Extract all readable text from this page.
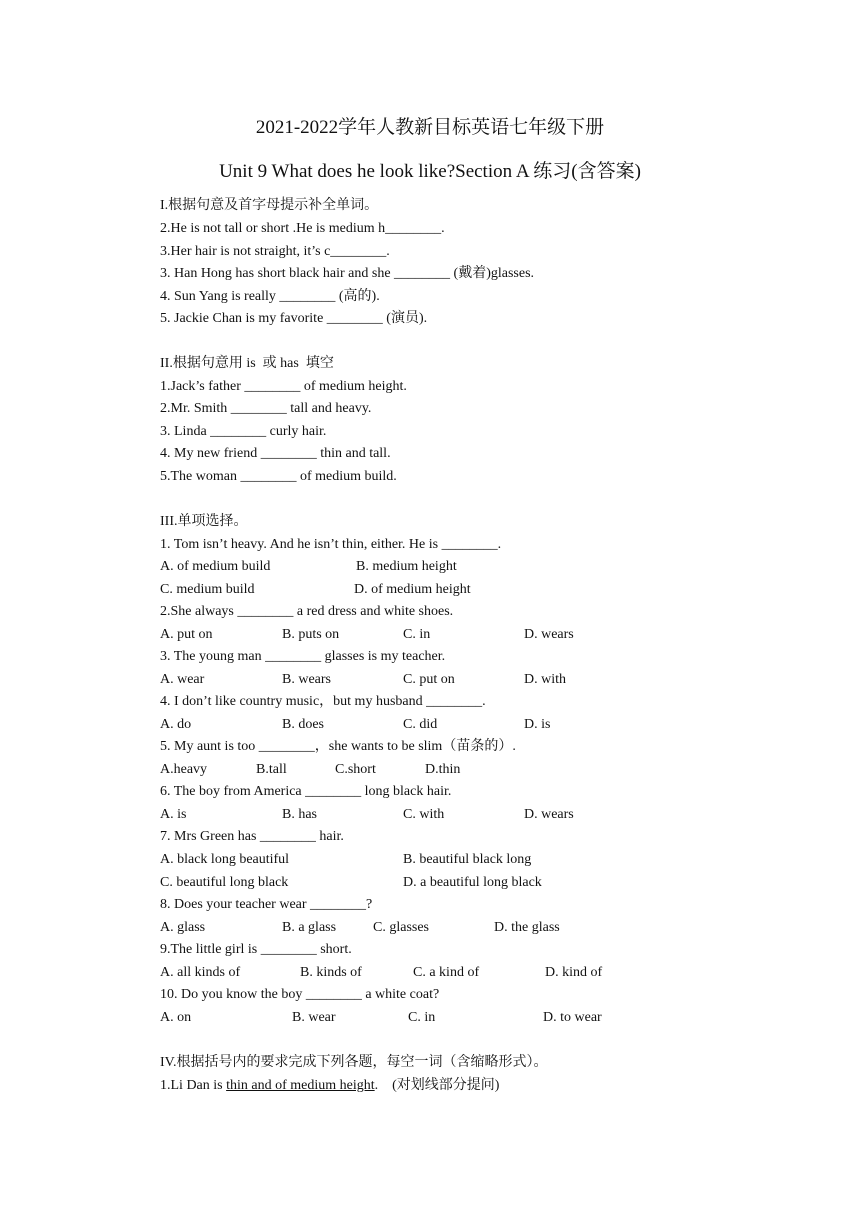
2021-2022学年人教新目标英语七年级下册
Unit 9 What does he look like?Section A 练习(含答案)
I.根据句意及首字母提示补全单词。
2.He is not tall or short .He is medium h________.
3.Her hair is not straight, it’s c________.
3. Han Hong has short black hair and she ________ (戴着)glasses.
4. Sun Yang is really ________ (高的).
5. Jackie Chan is my favorite ________ (演员).
II.根据句意用 is  或 has  填空
1.Jack’s father ________ of medium height.
2.Mr. Smith ________ tall and heavy.
3. Linda ________ curly hair.
4. My new friend ________ thin and tall.
5.The woman ________ of medium build.
III.单项选择。
1. Tom isn’t heavy. And he isn’t thin, either. He is ________.
A. of medium build	B. medium height
C. medium build	D. of medium height
2.She always ________ a red dress and white shoes.
A. put on	B. puts on	C. in	D. wears
3. The young man ________ glasses is my teacher.
A. wear	B. wears	C. put on	D. with
4. I don’t like country music，but my husband ________.
A. do	B. does	C. did	D. is
5. My aunt is too ________，she wants to be slim（苗条的）.
A.heavy	B.tall	C.short	D.thin
6. The boy from America ________ long black hair.
A. is	B. has	C. with	D. wears
7. Mrs Green has ________ hair.
A. black long beautiful	B. beautiful black long
C. beautiful long black	D. a beautiful long black
8. Does your teacher wear ________?
A. glass	B. a glass	C. glasses	D. the glass
9.The little girl is ________ short.
A. all kinds of	B. kinds of	C. a kind of	D. kind of
10. Do you know the boy ________ a white coat?
A. on	B. wear	C. in	D. to wear
IV.根据括号内的要求完成下列各题，每空一词（含缩略形式）。
1.Li Dan is thin and of medium height.    (对划线部分提问)
